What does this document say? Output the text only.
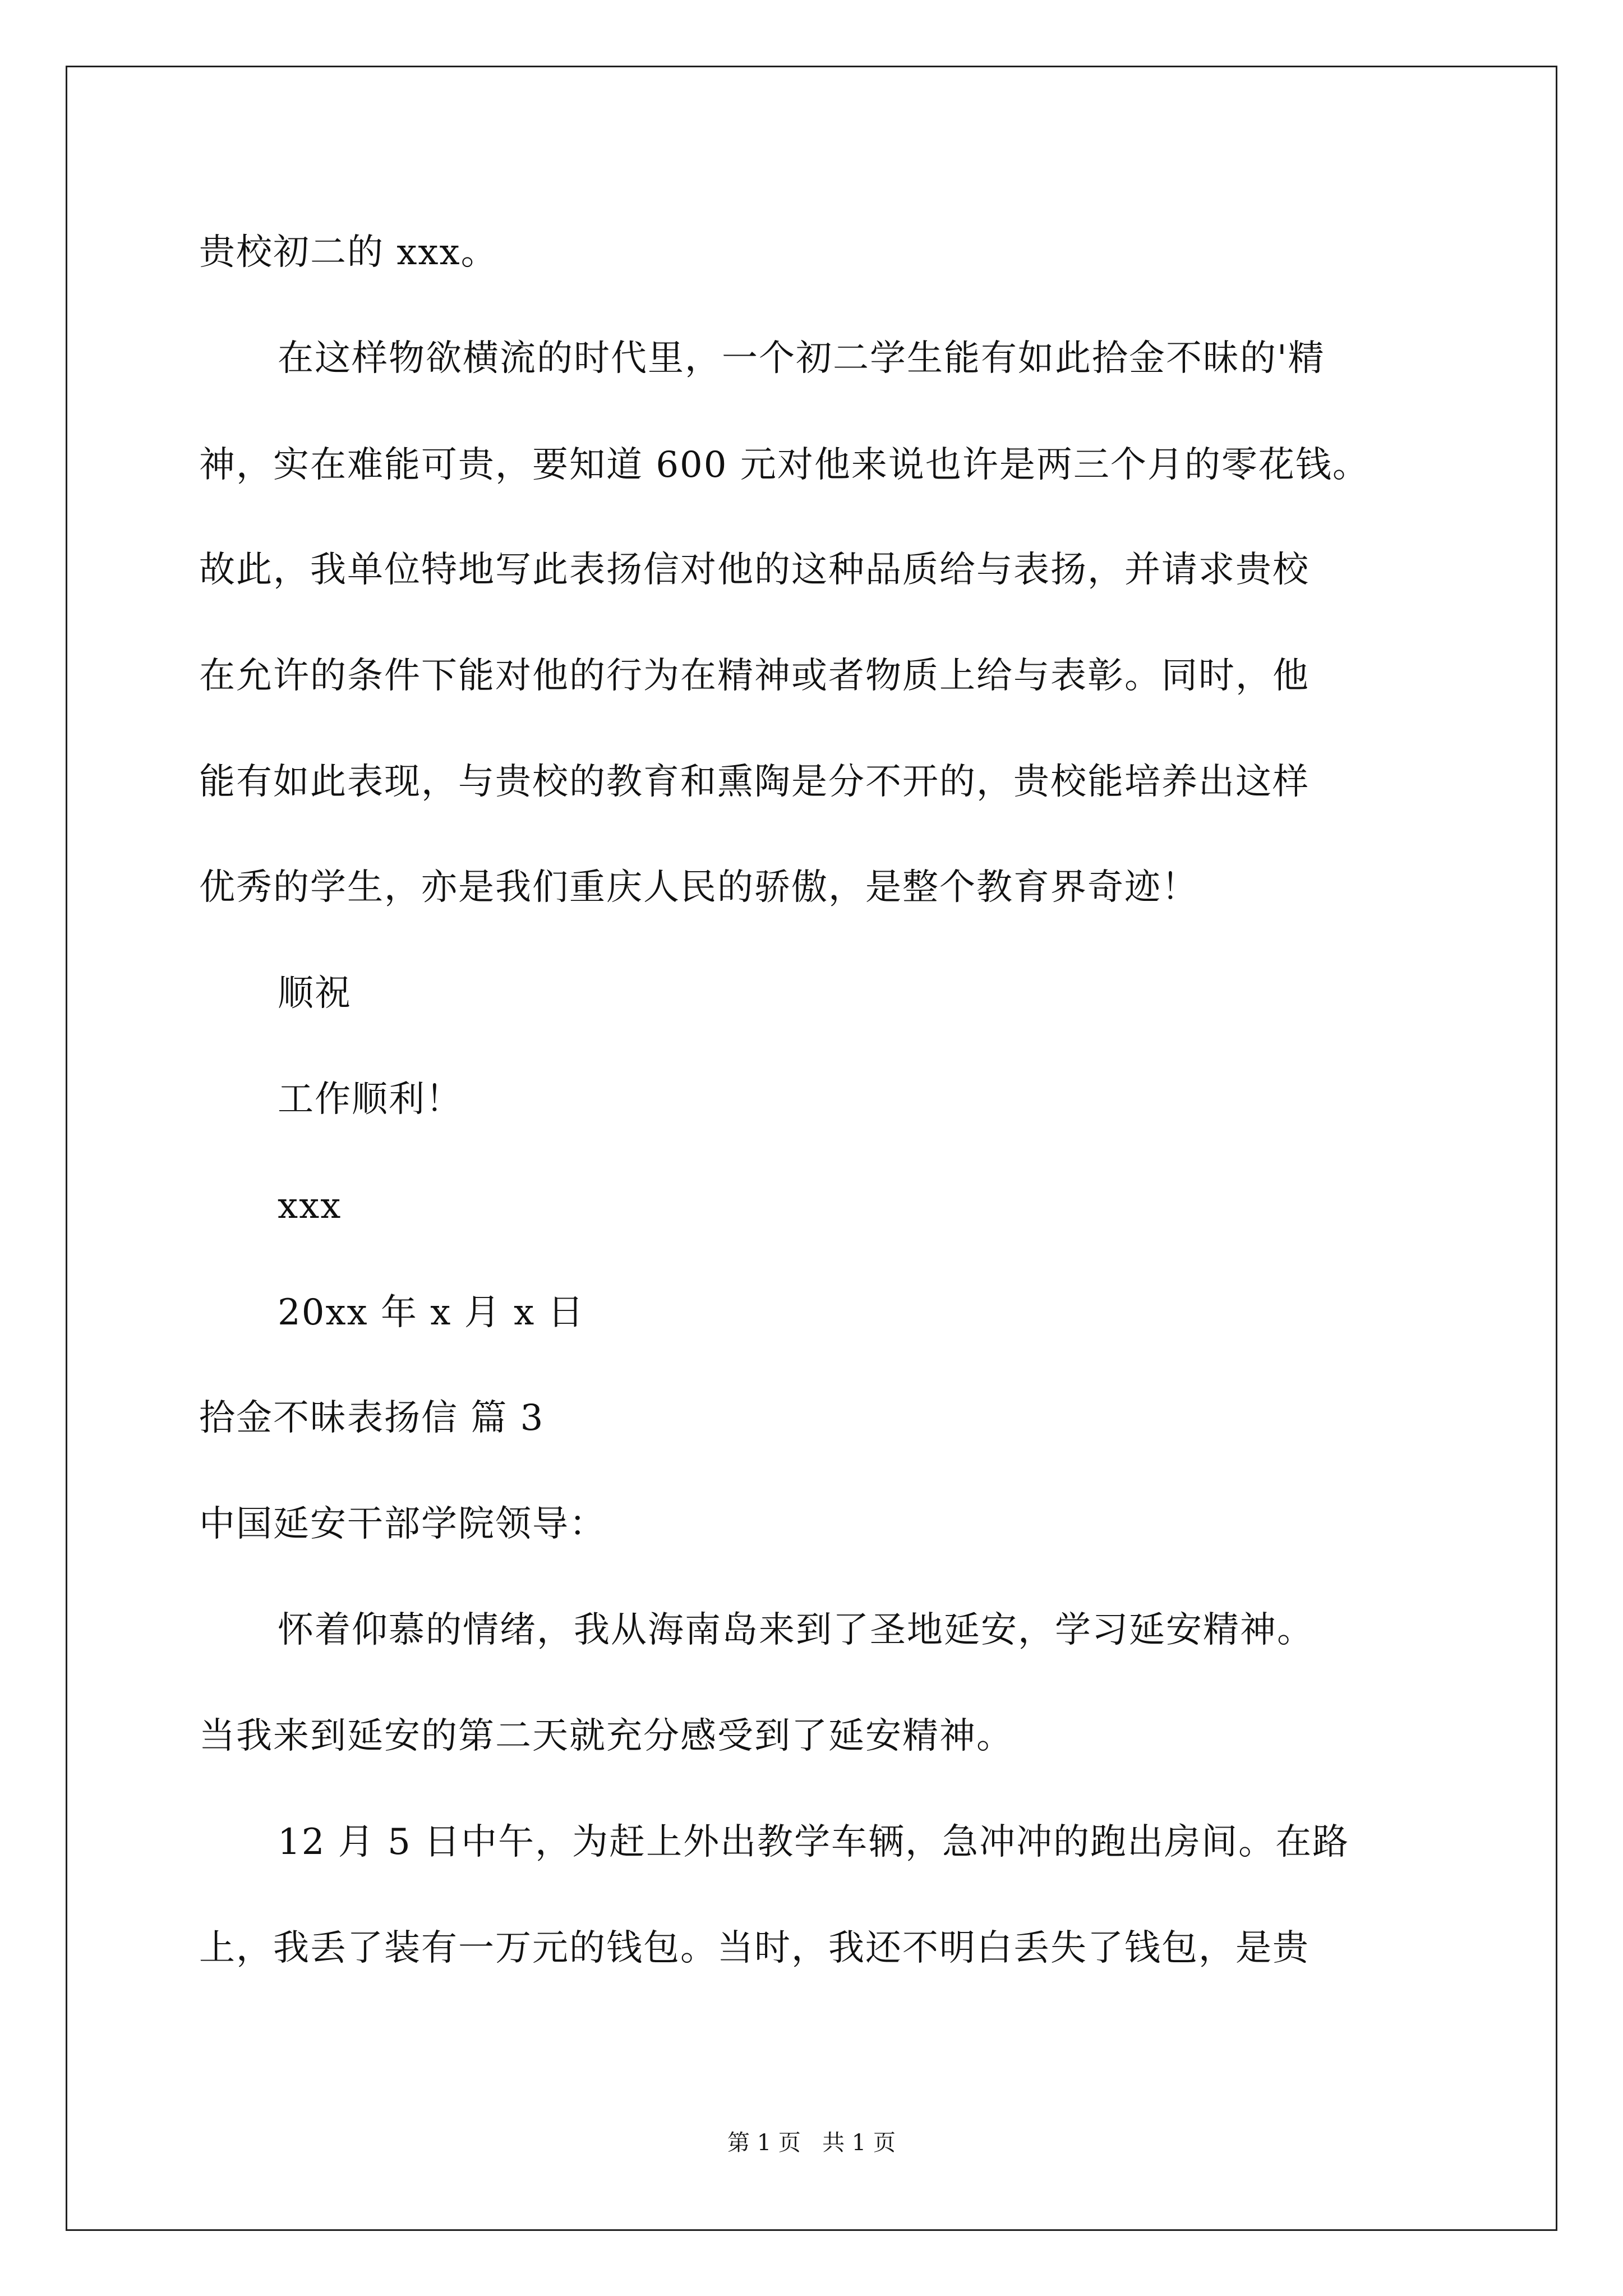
贵校初二的 xxx。
在这样物欲横流的时代里，一个初二学生能有如此拾金不昧的'精
神，实在难能可贵，要知道 600 元对他来说也许是两三个月的零花钱。
故此，我单位特地写此表扬信对他的这种品质给与表扬，并请求贵校
在允许的条件下能对他的行为在精神或者物质上给与表彰。同时，他
能有如此表现，与贵校的教育和熏陶是分不开的，贵校能培养出这样
优秀的学生，亦是我们重庆人民的骄傲，是整个教育界奇迹！
顺祝
工作顺利！
xxx
20xx 年 x 月 x 日
拾金不昧表扬信 篇 3
中国延安干部学院领导：
怀着仰慕的情绪，我从海南岛来到了圣地延安，学习延安精神。
当我来到延安的第二天就充分感受到了延安精神。
12 月 5 日中午，为赶上外出教学车辆，急冲冲的跑出房间。在路
上，我丢了装有一万元的钱包。当时，我还不明白丢失了钱包，是贵
第 1 页   共 1 页
